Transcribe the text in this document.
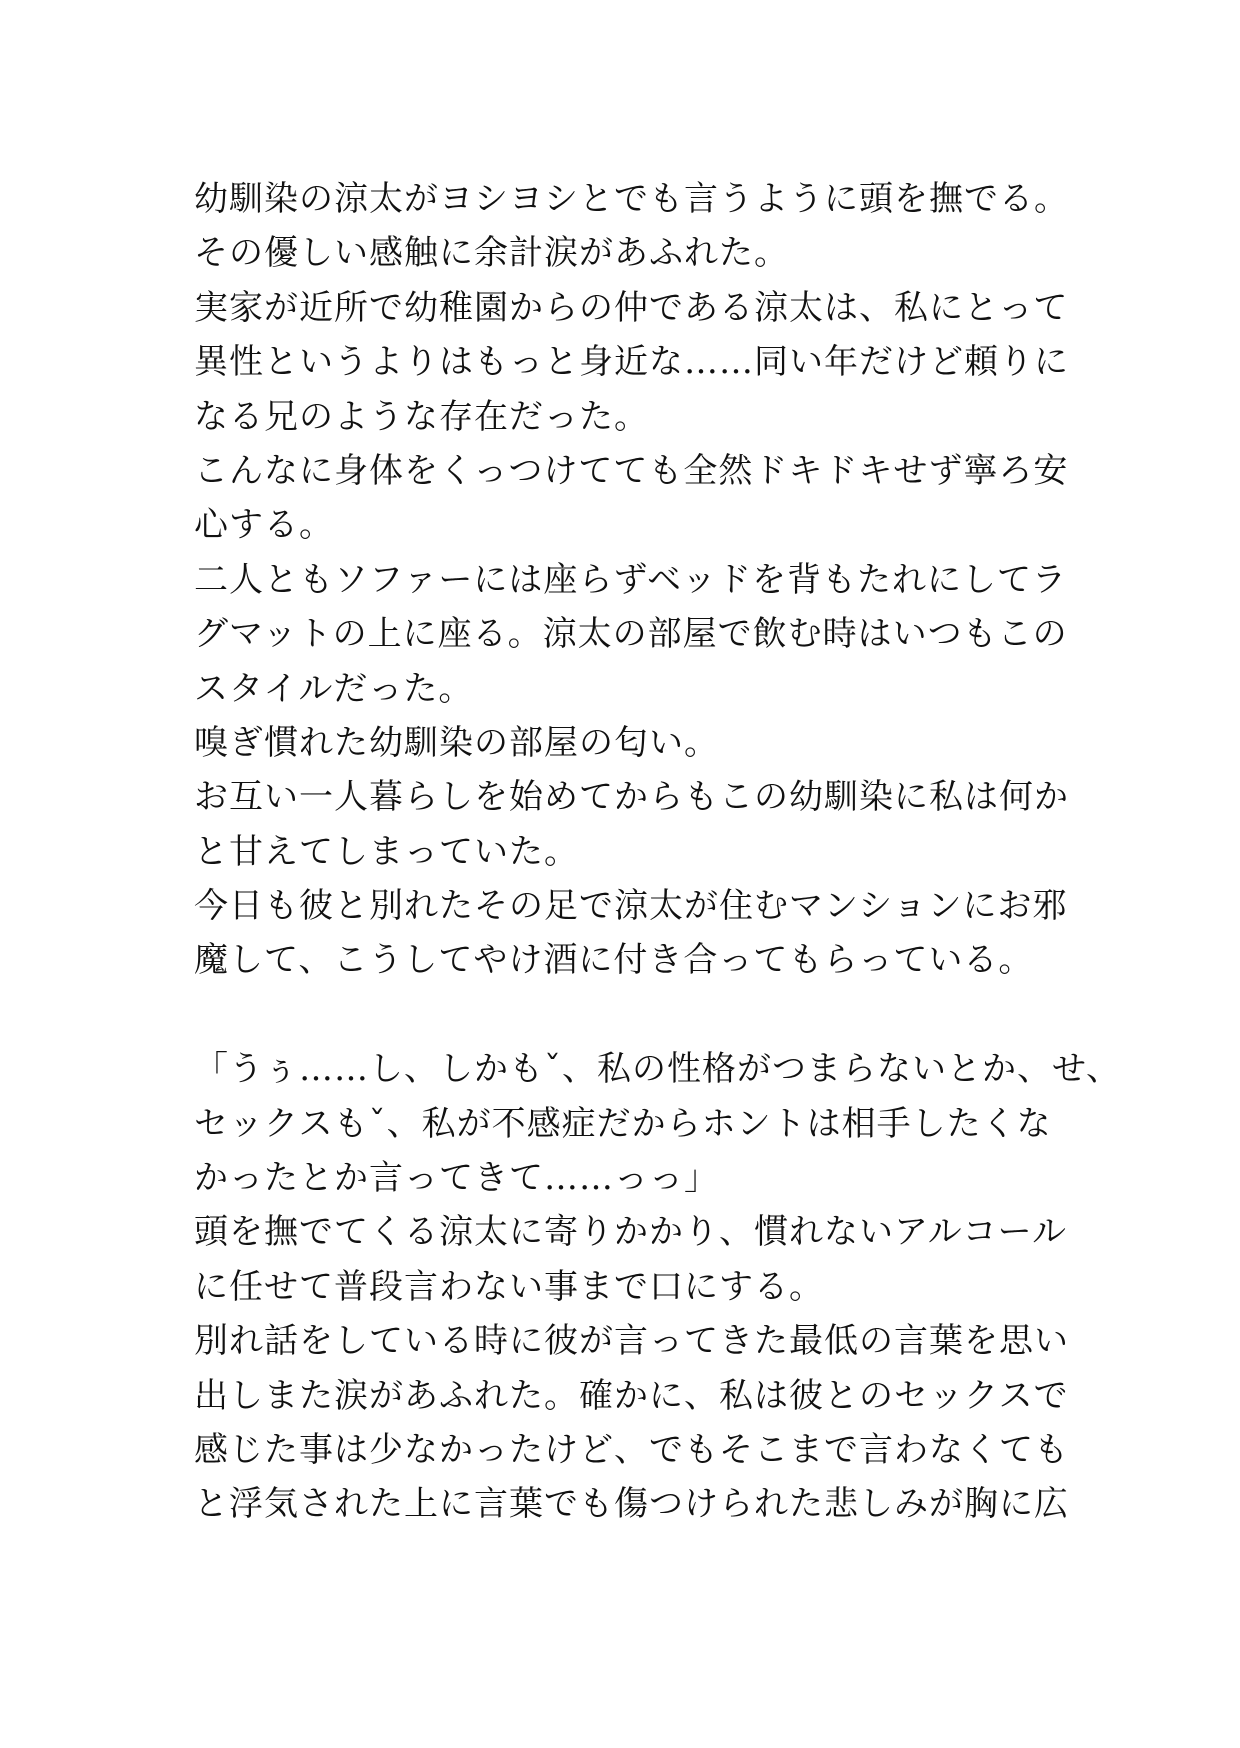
幼馴染の涼太がヨシヨシとでも言うように頭を撫でる。
その優しい感触に余計涙があふれた。
実家が近所で幼稚園からの仲である涼太は、私にとって
異性というよりはもっと身近な……同い年だけど頼りに
なる兄のような存在だった。
こんなに身体をくっつけてても全然ドキドキせず寧ろ安
心する。
二人ともソファーには座らずベッドを背もたれにしてラ
グマットの上に座る。涼太の部屋で飲む時はいつもこの
スタイルだった。
嗅ぎ慣れた幼馴染の部屋の匂い。
お互い一人暮らしを始めてからもこの幼馴染に私は何か
と甘えてしまっていた。
今日も彼と別れたその足で涼太が住むマンションにお邪
魔して、こうしてやけ酒に付き合ってもらっている。
「うぅ……し、しかもˇ、私の性格がつまらないとか、せ、
セックスもˇ、私が不感症だからホントは相手したくな
かったとか言ってきて……っっ」
頭を撫でてくる涼太に寄りかかり、慣れないアルコール
に任せて普段言わない事まで口にする。
別れ話をしている時に彼が言ってきた最低の言葉を思い
出しまた涙があふれた。確かに、私は彼とのセックスで
感じた事は少なかったけど、でもそこまで言わなくても
と浮気された上に言葉でも傷つけられた悲しみが胸に広
